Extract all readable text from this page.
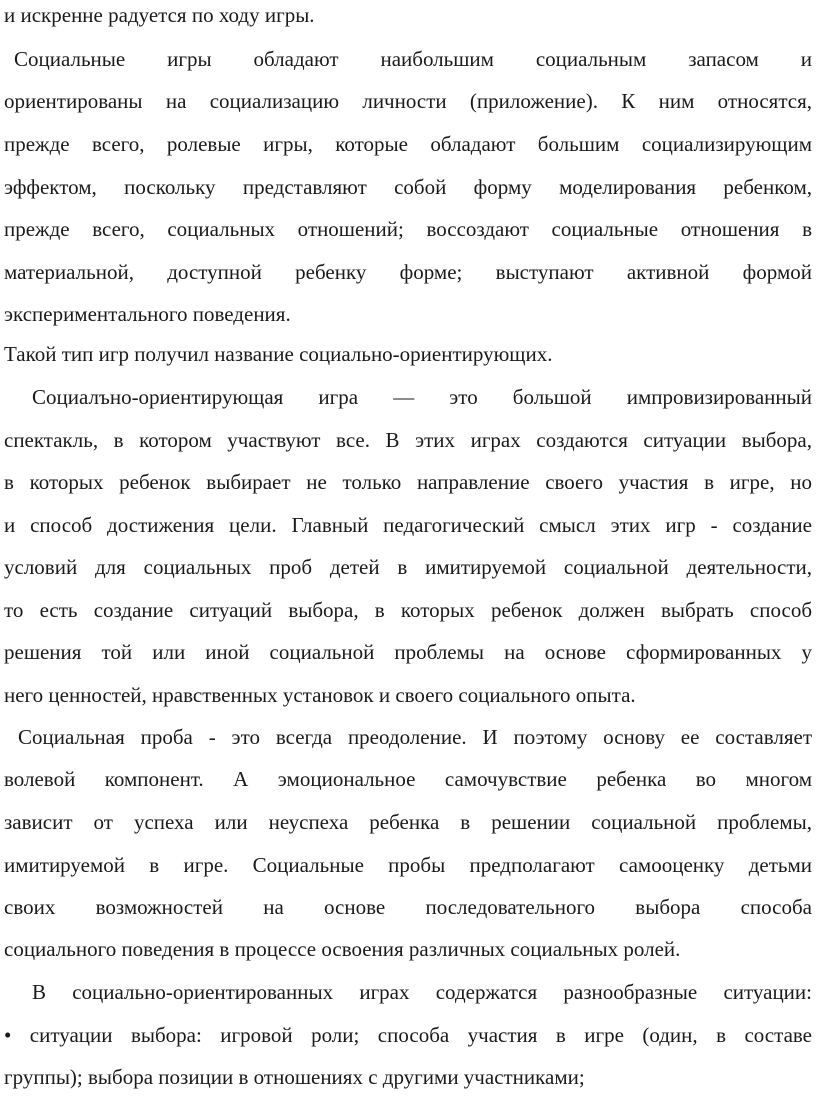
и искренне радуется по ходу игры.
Социальные игры обладают наибольшим социальным запасом и
ориентированы на социализацию личности (приложение). К ним относятся,
прежде всего, ролевые игры, которые обладают большим социализирующим
эффектом, поскольку представляют собой форму моделирования ребенком,
прежде всего, социальных отношений; воссоздают социальные отношения в
материальной, доступной ребенку форме; выступают активной формой
экспериментального поведения.
Такой тип игр получил название социально-ориентирующих.
Социалъно-ориентирующая игра — это большой импровизированный
спектакль, в котором участвуют все. В этих играх создаются ситуации выбора,
в которых ребенок выбирает не только направление своего участия в игре, но
и способ достижения цели. Главный педагогический смысл этих игр - создание
условий для социальных проб детей в имитируемой социальной деятельности,
то есть создание ситуаций выбора, в которых ребенок должен выбрать способ
решения той или иной социальной проблемы на основе сформированных у
него ценностей, нравственных установок и своего социального опыта.
Социальная проба - это всегда преодоление. И поэтому основу ее составляет
волевой компонент. А эмоциональное самочувствие ребенка во многом
зависит от успеха или неуспеха ребенка в решении социальной проблемы,
имитируемой в игре. Социальные пробы предполагают самооценку детьми
своих возможностей на основе последовательного выбора способа
социального поведения в процессе освоения различных социальных ролей.
В социально-ориентированных играх содержатся разнообразные ситуации:
• ситуации выбора: игровой роли; способа участия в игре (один, в составе
группы); выбора позиции в отношениях с другими участниками;
